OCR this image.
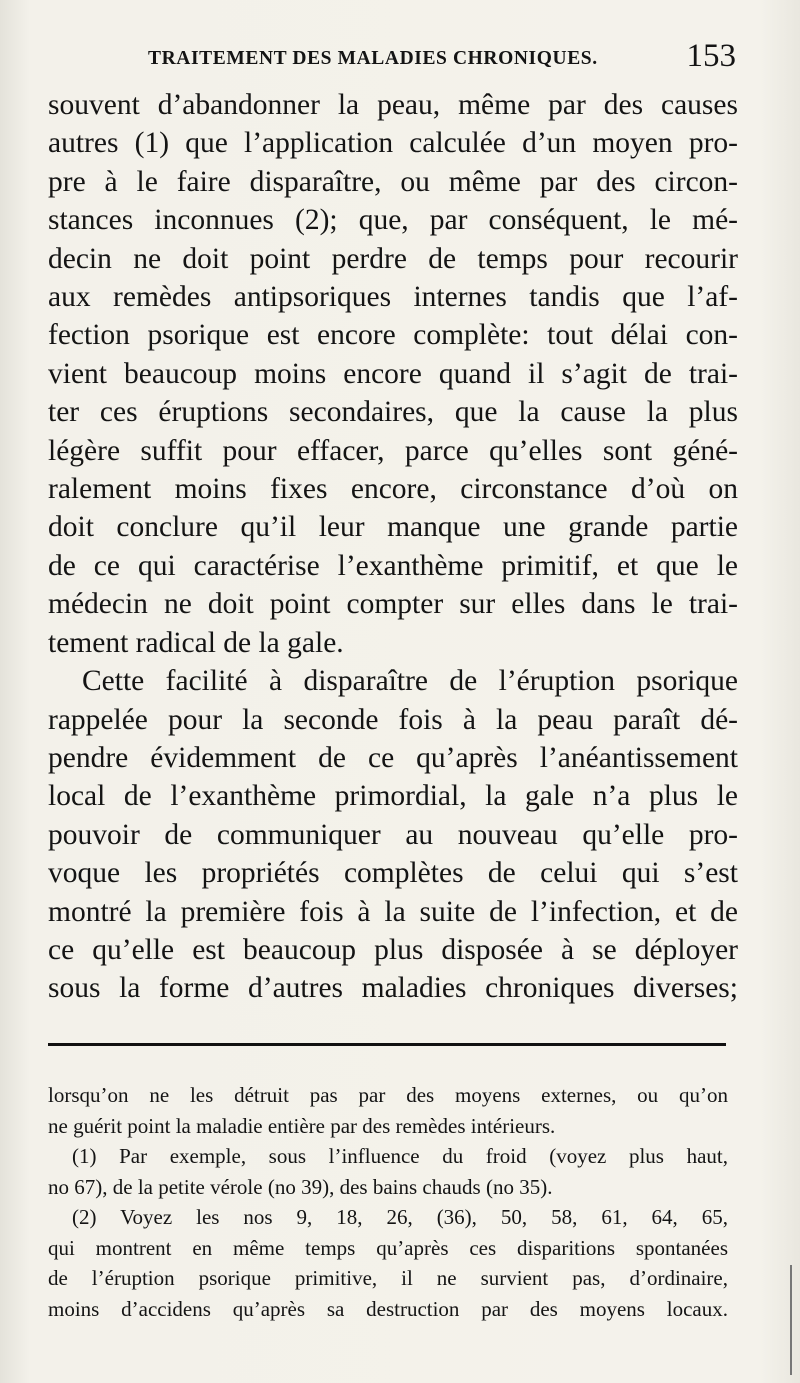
TRAITEMENT DES MALADIES CHRONIQUES.	153
souvent d’abandonner la peau, même par des causes
autres (1) que l’application calculée d’un moyen pro-
pre à le faire disparaître, ou même par des circon-
stances inconnues (2); que, par conséquent, le mé-
decin ne doit point perdre de temps pour recourir
aux remèdes antipsoriques internes tandis que l’af-
fection psorique est encore complète: tout délai con-
vient beaucoup moins encore quand il s’agit de trai-
ter ces éruptions secondaires, que la cause la plus
légère suffit pour effacer, parce qu’elles sont géné-
ralement moins fixes encore, circonstance d’où on
doit conclure qu’il leur manque une grande partie
de ce qui caractérise l’exanthème primitif, et que le
médecin ne doit point compter sur elles dans le trai-
tement radical de la gale.
Cette facilité à disparaître de l’éruption psorique
rappelée pour la seconde fois à la peau paraît dé-
pendre évidemment de ce qu’après l’anéantissement
local de l’exanthème primordial, la gale n’a plus le
pouvoir de communiquer au nouveau qu’elle pro-
voque les propriétés complètes de celui qui s’est
montré la première fois à la suite de l’infection, et de
ce qu’elle est beaucoup plus disposée à se déployer
sous la forme d’autres maladies chroniques diverses;
lorsqu’on ne les détruit pas par des moyens externes, ou qu’on
ne guérit point la maladie entière par des remèdes intérieurs.
(1) Par exemple, sous l’influence du froid (voyez plus haut,
no 67), de la petite vérole (no 39), des bains chauds (no 35).
(2) Voyez les nos 9, 18, 26, (36), 50, 58, 61, 64, 65,
qui montrent en même temps qu’après ces disparitions spontanées
de l’éruption psorique primitive, il ne survient pas, d’ordinaire,
moins d’accidens qu’après sa destruction par des moyens locaux.
